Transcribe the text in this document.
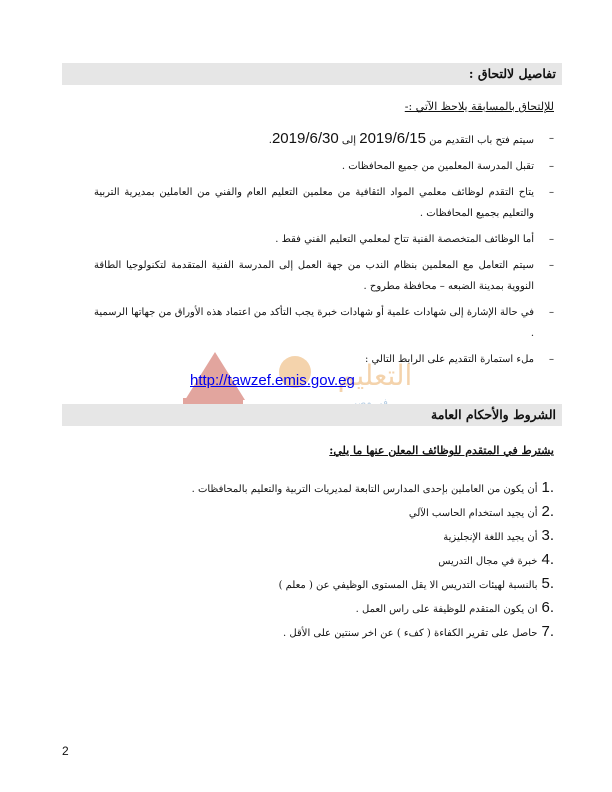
تفاصيل لالتحاق :
للإلتحاق بالمسابقة يلاحظ الآتي :-
–
سيتم فتح باب التقديم من 2019/6/15 إلى 2019/6/30.
–
تقبل المدرسة المعلمين من جميع المحافظات .
–
يتاح التقدم لوظائف معلمي المواد الثقافية من معلمين التعليم العام والفني من العاملين بمديرية التربية والتعليم بجميع المحافظات .
–
أما الوظائف المتخصصة الفنية تتاح لمعلمي التعليم الفني فقط .
–
سيتم التعامل مع المعلمين بنظام الندب من جهة العمل إلى المدرسة الفنية المتقدمة لتكنولوجيا الطاقة النووية بمدينة الضبعه – محافظة مطروح .
–
في حالة الإشارة إلى شهادات علمية أو شهادات خبرة يجب التأكد من اعتماد هذه الأوراق من جهاتها الرسمية .
–
ملء استمارة التقديم على الرابط التالي :
التعليم
http://tawzef.emis.gov.eg
الشروط والأحكام العامة
يشترط في المتقدم للوظائف المعلن عنها ما يلي:
1.أن يكون من العاملين بإحدى المدارس التابعة لمديريات التربية والتعليم بالمحافظات .
2.أن يجيد استخدام الحاسب الآلي
3.أن يجيد اللغة الإنجليزية
4.خبرة في مجال التدريس
5.بالنسبة لهيئات التدريس الا يقل المستوى الوظيفي عن ( معلم )
6.ان يكون المتقدم للوظيفة على راس العمل .
7.حاصل على تقرير الكفاءة ( كفء ) عن اخر سنتين على الأقل .
2
